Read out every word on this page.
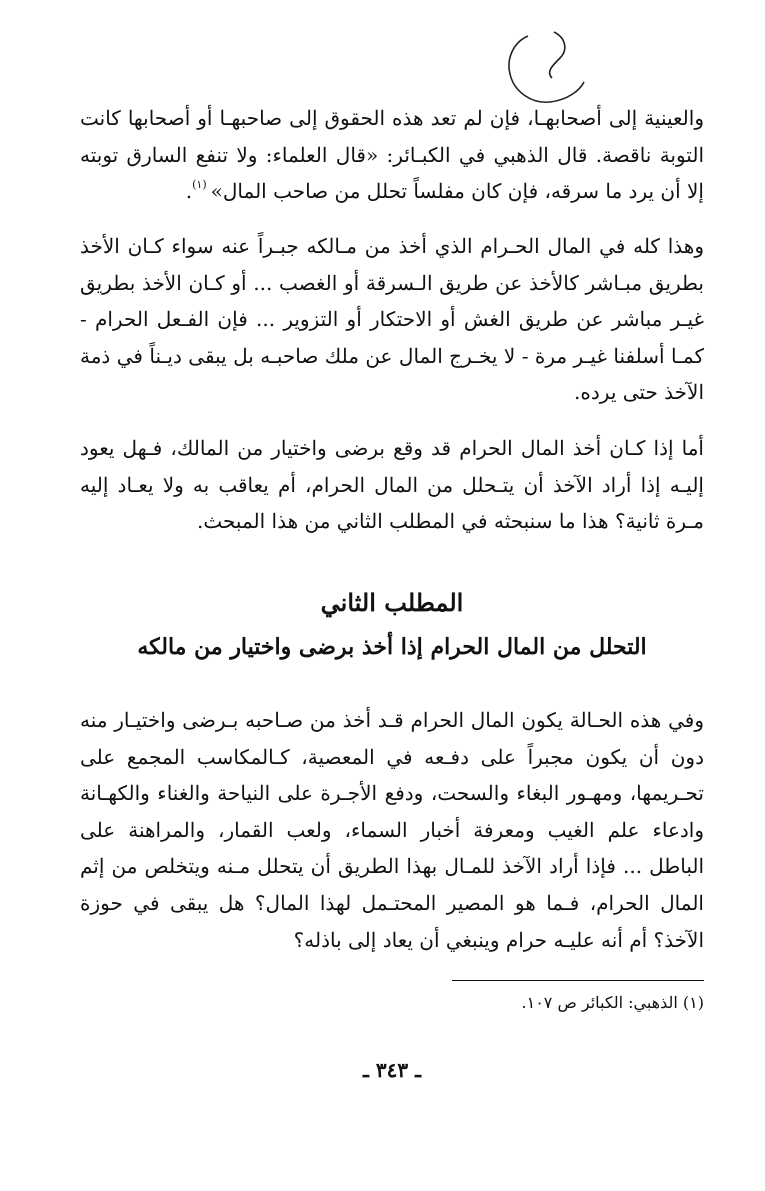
والعينية إلى أصحابهـا، فإن لم تعد هذه الحقوق إلى صاحبهـا أو أصحابها كانت التوبة ناقصة. قال الذهبي في الكبـائر: «قال العلماء: ولا تنفع السارق توبته إلا أن يرد ما سرقه، فإن كان مفلساً تحلل من صاحب المال» $^{(١)}$.

وهذا كله في المال الحـرام الذي أخذ من مـالكه جبـراً عنه سواء كـان الأخذ بطريق مبـاشر كالأخذ عن طريق الـسرقة أو الغصب ... أو كـان الأخذ بطريق غيـر مباشر عن طريق الغش أو الاحتكار أو التزوير ... فإن الفـعل الحرام - كمـا أسلفنا غيـر مرة - لا يخـرج المال عن ملك صاحبـه بل يبقى ديـناً في ذمة الآخذ حتى يرده.

أما إذا كـان أخذ المال الحرام قد وقع برضى واختيار من المالك، فـهل يعود إليـه إذا أراد الآخذ أن يتـحلل من المال الحرام، أم يعاقب به ولا يعـاد إليه مـرة ثانية؟ هذا ما سنبحثه في المطلب الثاني من هذا المبحث.

المطلب الثاني
التحلل من المال الحرام إذا أخذ برضى واختيار من مالكه

وفي هذه الحـالة يكون المال الحرام قـد أخذ من صـاحبه بـرضى واختيـار منه دون أن يكون مجبراً على دفـعه في المعصية، كـالمكاسب المجمع على تحـريمها، ومهـور البغاء والسحت، ودفع الأجـرة على النياحة والغناء والكهـانة وادعاء علم الغيب ومعرفة أخبار السماء، ولعب القمار، والمراهنة على الباطل ... فإذا أراد الآخذ للمـال بهذا الطريق أن يتحلل مـنه ويتخلص من إثم المال الحرام، فـما هو المصير المحتـمل لهذا المال؟ هل يبقى في حوزة الآخذ؟ أم أنه عليـه حرام وينبغي أن يعاد إلى باذله؟

(١) الذهبي: الكبائر ص ١٠٧.

ـ ٣٤٣ ـ
